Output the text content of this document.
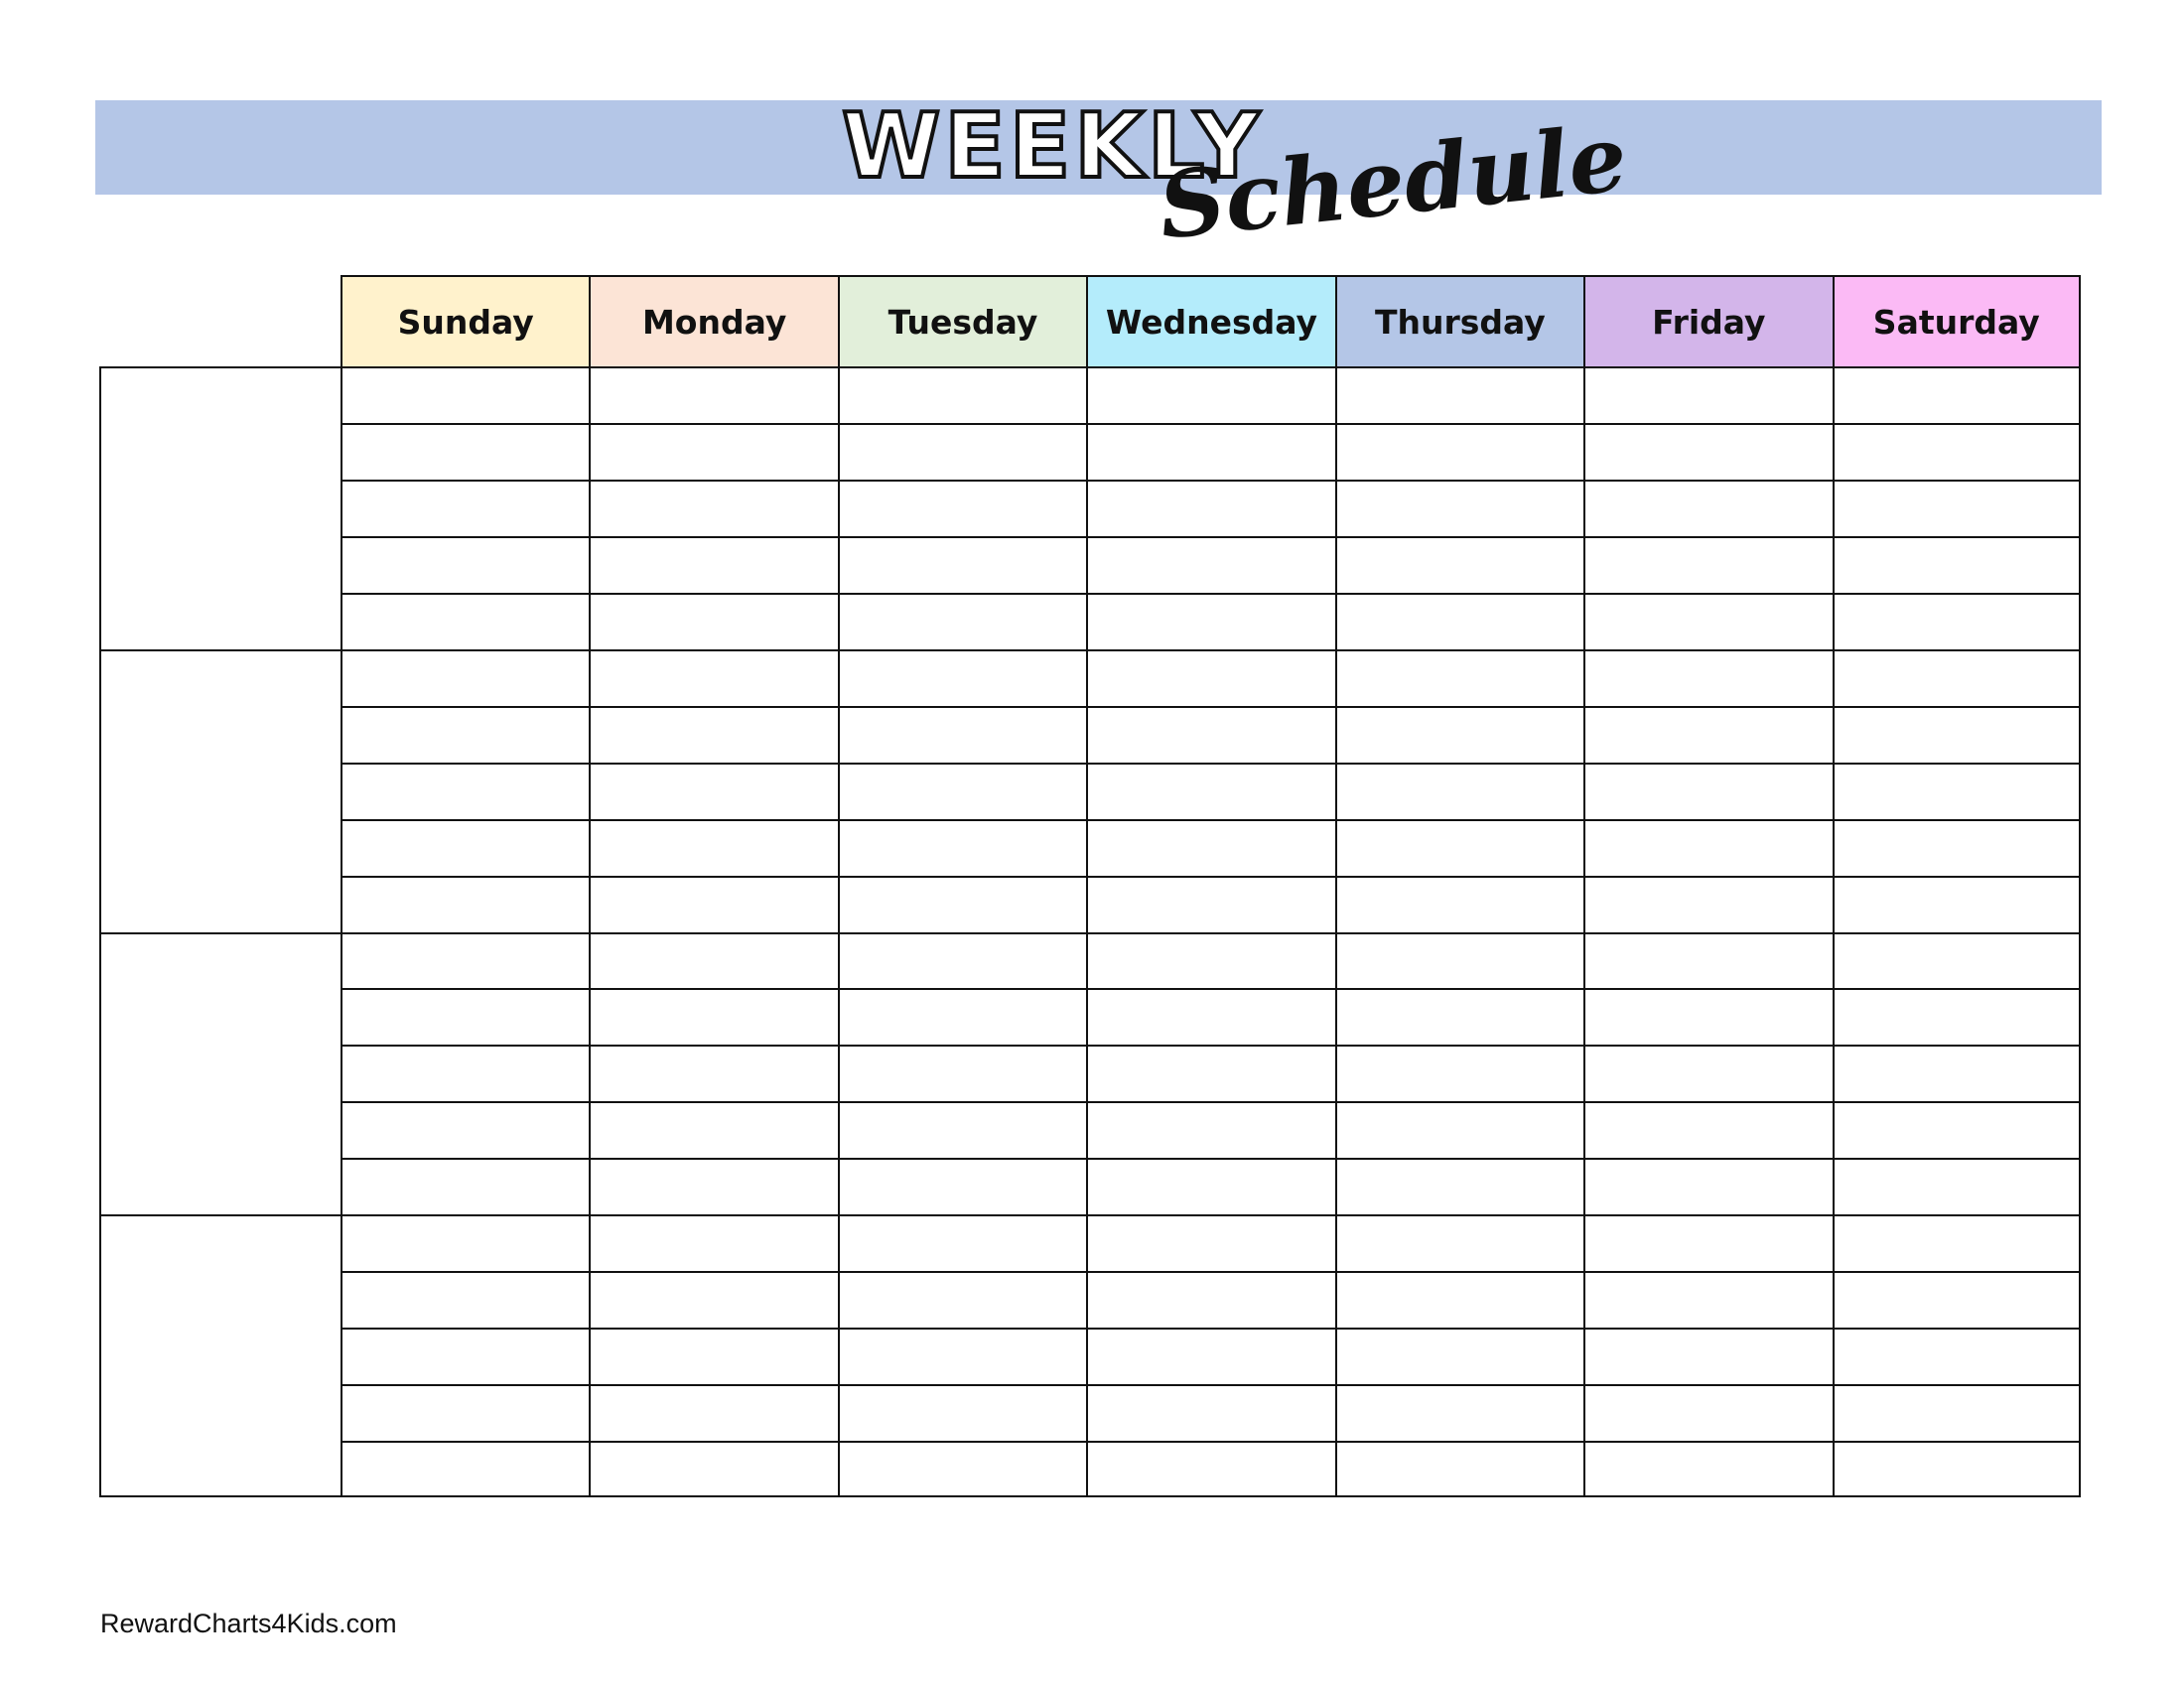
WEEKLY
Schedule
Sunday	Monday	Tuesday	Wednesday	Thursday	Friday	Saturday

RewardCharts4Kids.com
